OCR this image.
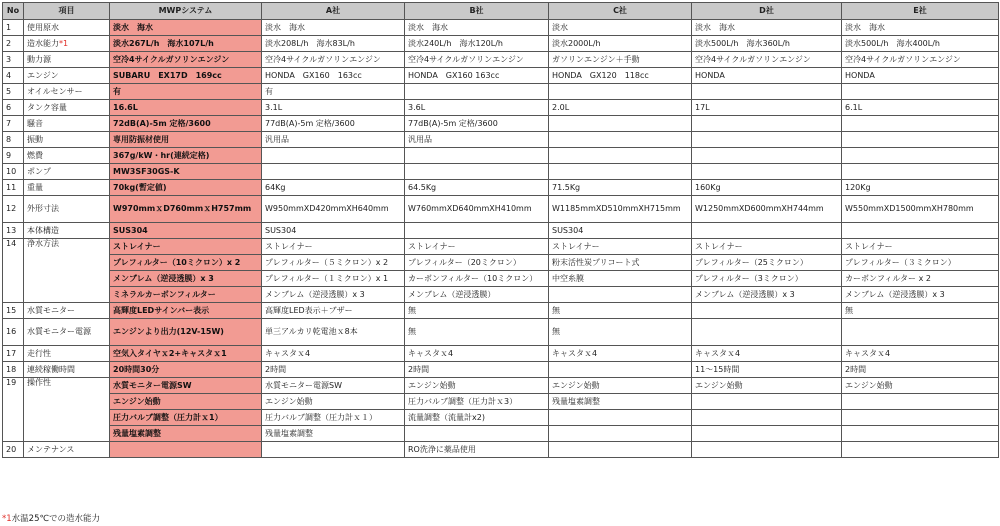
No	項目	MWPシステム	A社	B社	C社	D社	E社
1	使用原水	淡水　海水	淡水　海水	淡水　海水	淡水	淡水　海水	淡水　海水
2	造水能力*1	淡水267L/h　海水107L/h	淡水208L/h　海水83L/h	淡水240L/h　海水120L/h	淡水2000L/h	淡水500L/h　海水360L/h	淡水500L/h　海水400L/h
3	動力源	空冷4サイクルガソリンエンジン	空冷4サイクルガソリンエンジン	空冷4サイクルガソリンエンジン	ガソリンエンジン＋手動	空冷4サイクルガソリンエンジン	空冷4サイクルガソリンエンジン
4	エンジン	SUBARU　EX17D　169cc	HONDA　GX160　163cc	HONDA　GX160 163cc	HONDA　GX120　118cc	HONDA	HONDA
5	オイルセンサー	有	有				
6	タンク容量	16.6L	3.1L	3.6L	2.0L	17L	6.1L
7	騒音	72dB(A)-5m 定格/3600	77dB(A)-5m 定格/3600	77dB(A)-5m 定格/3600			
8	振動	専用防振材使用	汎用品	汎用品			
9	燃費	367g/kW・hr(連続定格)					
10	ポンプ	MW3SF30GS-K					
11	重量	70kg(暫定値)	64Kg	64.5Kg	71.5Kg	160Kg	120Kg
12	外形寸法	W970mmｘD760mmｘH757mm	W950mmXD420mmXH640mm	W760mmXD640mmXH410mm	W1185mmXD510mmXH715mm	W1250mmXD600mmXH744mm	W550mmXD1500mmXH780mm
13	本体構造	SUS304	SUS304		SUS304		
14	浄水方法	ストレイナー	ストレイナー	ストレイナー	ストレイナー	ストレイナー	ストレイナー
		プレフィルター（10ミクロン）x 2	プレフィルター（５ミクロン）x 2	プレフィルター（20ミクロン）	粉末活性炭プリコート式	プレフィルター（25ミクロン）	プレフィルター（３ミクロン）
		メンブレム（逆浸透膜）x 3	プレフィルター（１ミクロン）x 1	カーボンフィルター（10ミクロン）	中空糸膜	プレフィルター（3ミクロン）	カーボンフィルター x 2
		ミネラルカーボンフィルター	メンブレム（逆浸透膜）x 3	メンブレム（逆浸透膜）		メンブレム（逆浸透膜）x 3	メンブレム（逆浸透膜）x 3
15	水質モニター	高輝度LEDサインバー表示	高輝度LED表示＋ブザー	無	無		無
16	水質モニター電源	エンジンより出力(12V-15W)	単三アルカリ乾電池ｘ8本	無	無		
17	走行性	空気入タイヤｘ2+キャスタｘ1	キャスタｘ4	キャスタｘ4	キャスタｘ4	キャスタｘ4	キャスタｘ4
18	連続稼働時間	20時間30分	2時間	2時間		11〜15時間	2時間
19	操作性	水質モニター電源SW	水質モニター電源SW	エンジン始動	エンジン始動	エンジン始動	エンジン始動
		エンジン始動	エンジン始動	圧力バルブ調整（圧力計ｘ3）	残量塩素調整		
		圧力バルブ調整（圧力計ｘ1）	圧力バルブ調整（圧力計ｘ１）	流量調整（流量計x2)			
		残量塩素調整	残量塩素調整				
20	メンテナンス			RO洗浄に薬品使用			
*1水温25℃での造水能力
